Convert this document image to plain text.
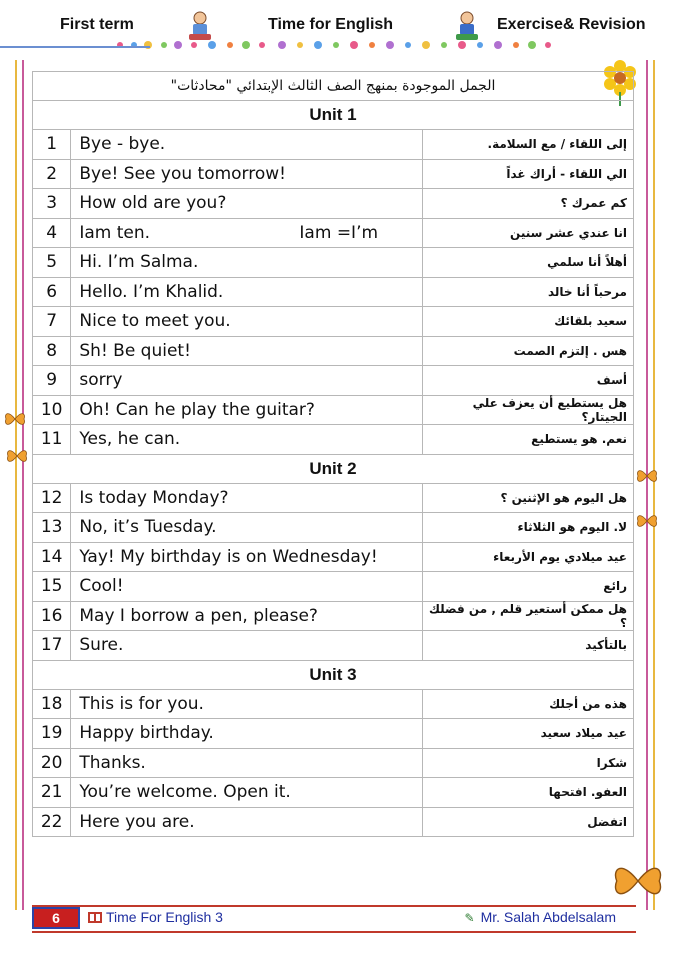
First term	Time for English	Exercise& Revision
الجمل الموجودة بمنهج الصف الثالث الإبتدائي "محادثات"		
Unit 1		
1	Bye - bye.	إلى اللقاء / مع السلامة.
2	Bye! See you tomorrow!	الي اللقاء - أراك غداً
3	How old are you?	كم عمرك ؟
4	Iam ten. Iam =I’m	انا عندي عشر سنين
5	Hi. I’m Salma.	أهلاً أنا سلمي
6	Hello. I’m Khalid.	مرحباً أنا خالد
7	Nice to meet you.	سعيد بلقائك
8	Sh! Be quiet!	هس . إلتزم الصمت
9	sorry	أسف
10	Oh! Can he play the guitar?	هل يستطيع أن يعزف علي الجيتار؟
11	Yes, he can.	نعم. هو يستطيع
Unit 2		
12	Is today Monday?	هل اليوم هو الإثنين ؟
13	No, it’s Tuesday.	لا. اليوم هو الثلاثاء
14	Yay! My birthday is on Wednesday!	عيد ميلادي يوم الأربعاء
15	Cool!	رائع
16	May I borrow a pen, please?	هل ممكن أستعير قلم , من فضلك ؟
17	Sure.	بالتأكيد
Unit 3		
18	This is for you.	هذه من أجلك
19	Happy birthday.	عيد ميلاد سعيد
20	Thanks.	شكرا
21	You’re welcome. Open it.	العفو. افتحها
22	Here you are.	اتفضل
6	Time For English 3	✎ Mr. Salah Abdelsalam
